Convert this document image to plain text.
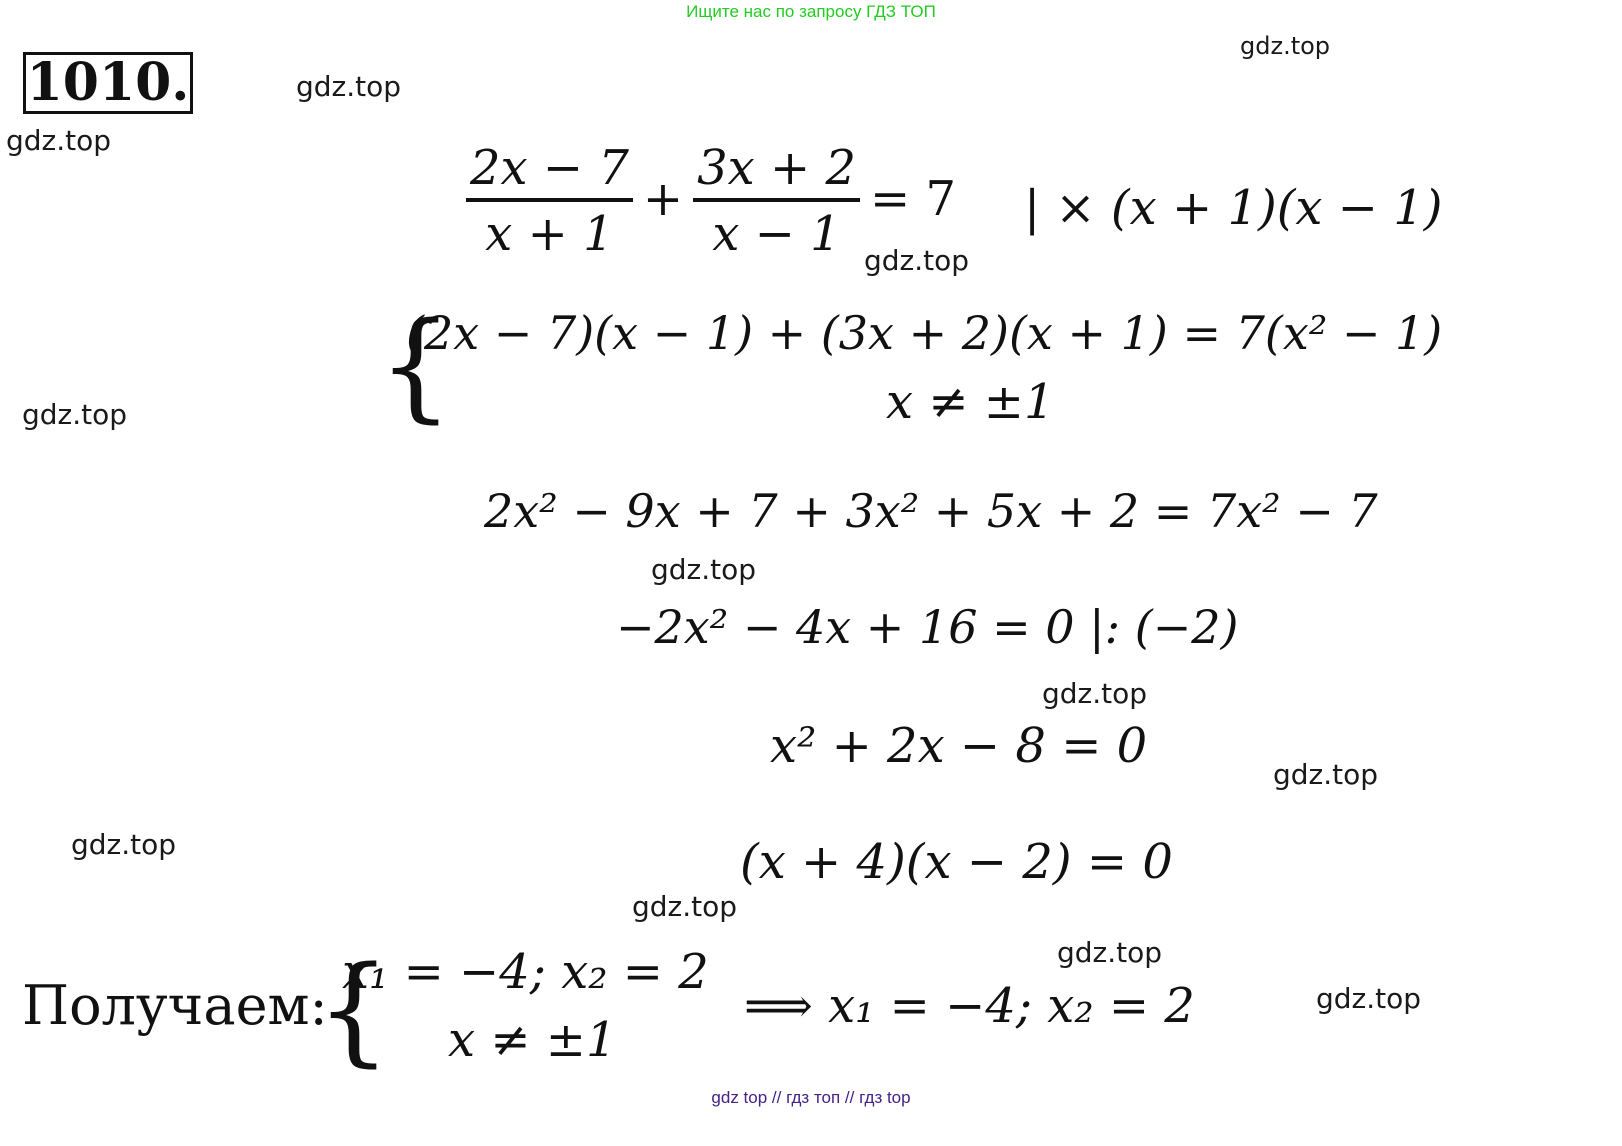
Ищите нас по запросу ГДЗ ТОП
1010.
gdz.top
gdz.top
gdz.top
gdz.top
gdz.top
gdz.top
gdz.top
gdz.top
gdz.top
gdz.top
gdz.top
gdz.top
$\frac{2x - 7}{x + 1} + \frac{3x + 2}{x - 1} = 7$ | × (x + 1)(x − 1)
{
(2x − 7)(x − 1) + (3x + 2)(x + 1) = 7(x² − 1)
x ≠ ±1
2x² − 9x + 7 + 3x² + 5x + 2 = 7x² − 7
−2x² − 4x + 16 = 0 |: (−2)
x² + 2x − 8 = 0
(x + 4)(x − 2) = 0
Получаем:
{
x₁ = −4; x₂ = 2
x ≠ ±1
⟹ x₁ = −4; x₂ = 2
gdz top // гдз топ // гдз top
